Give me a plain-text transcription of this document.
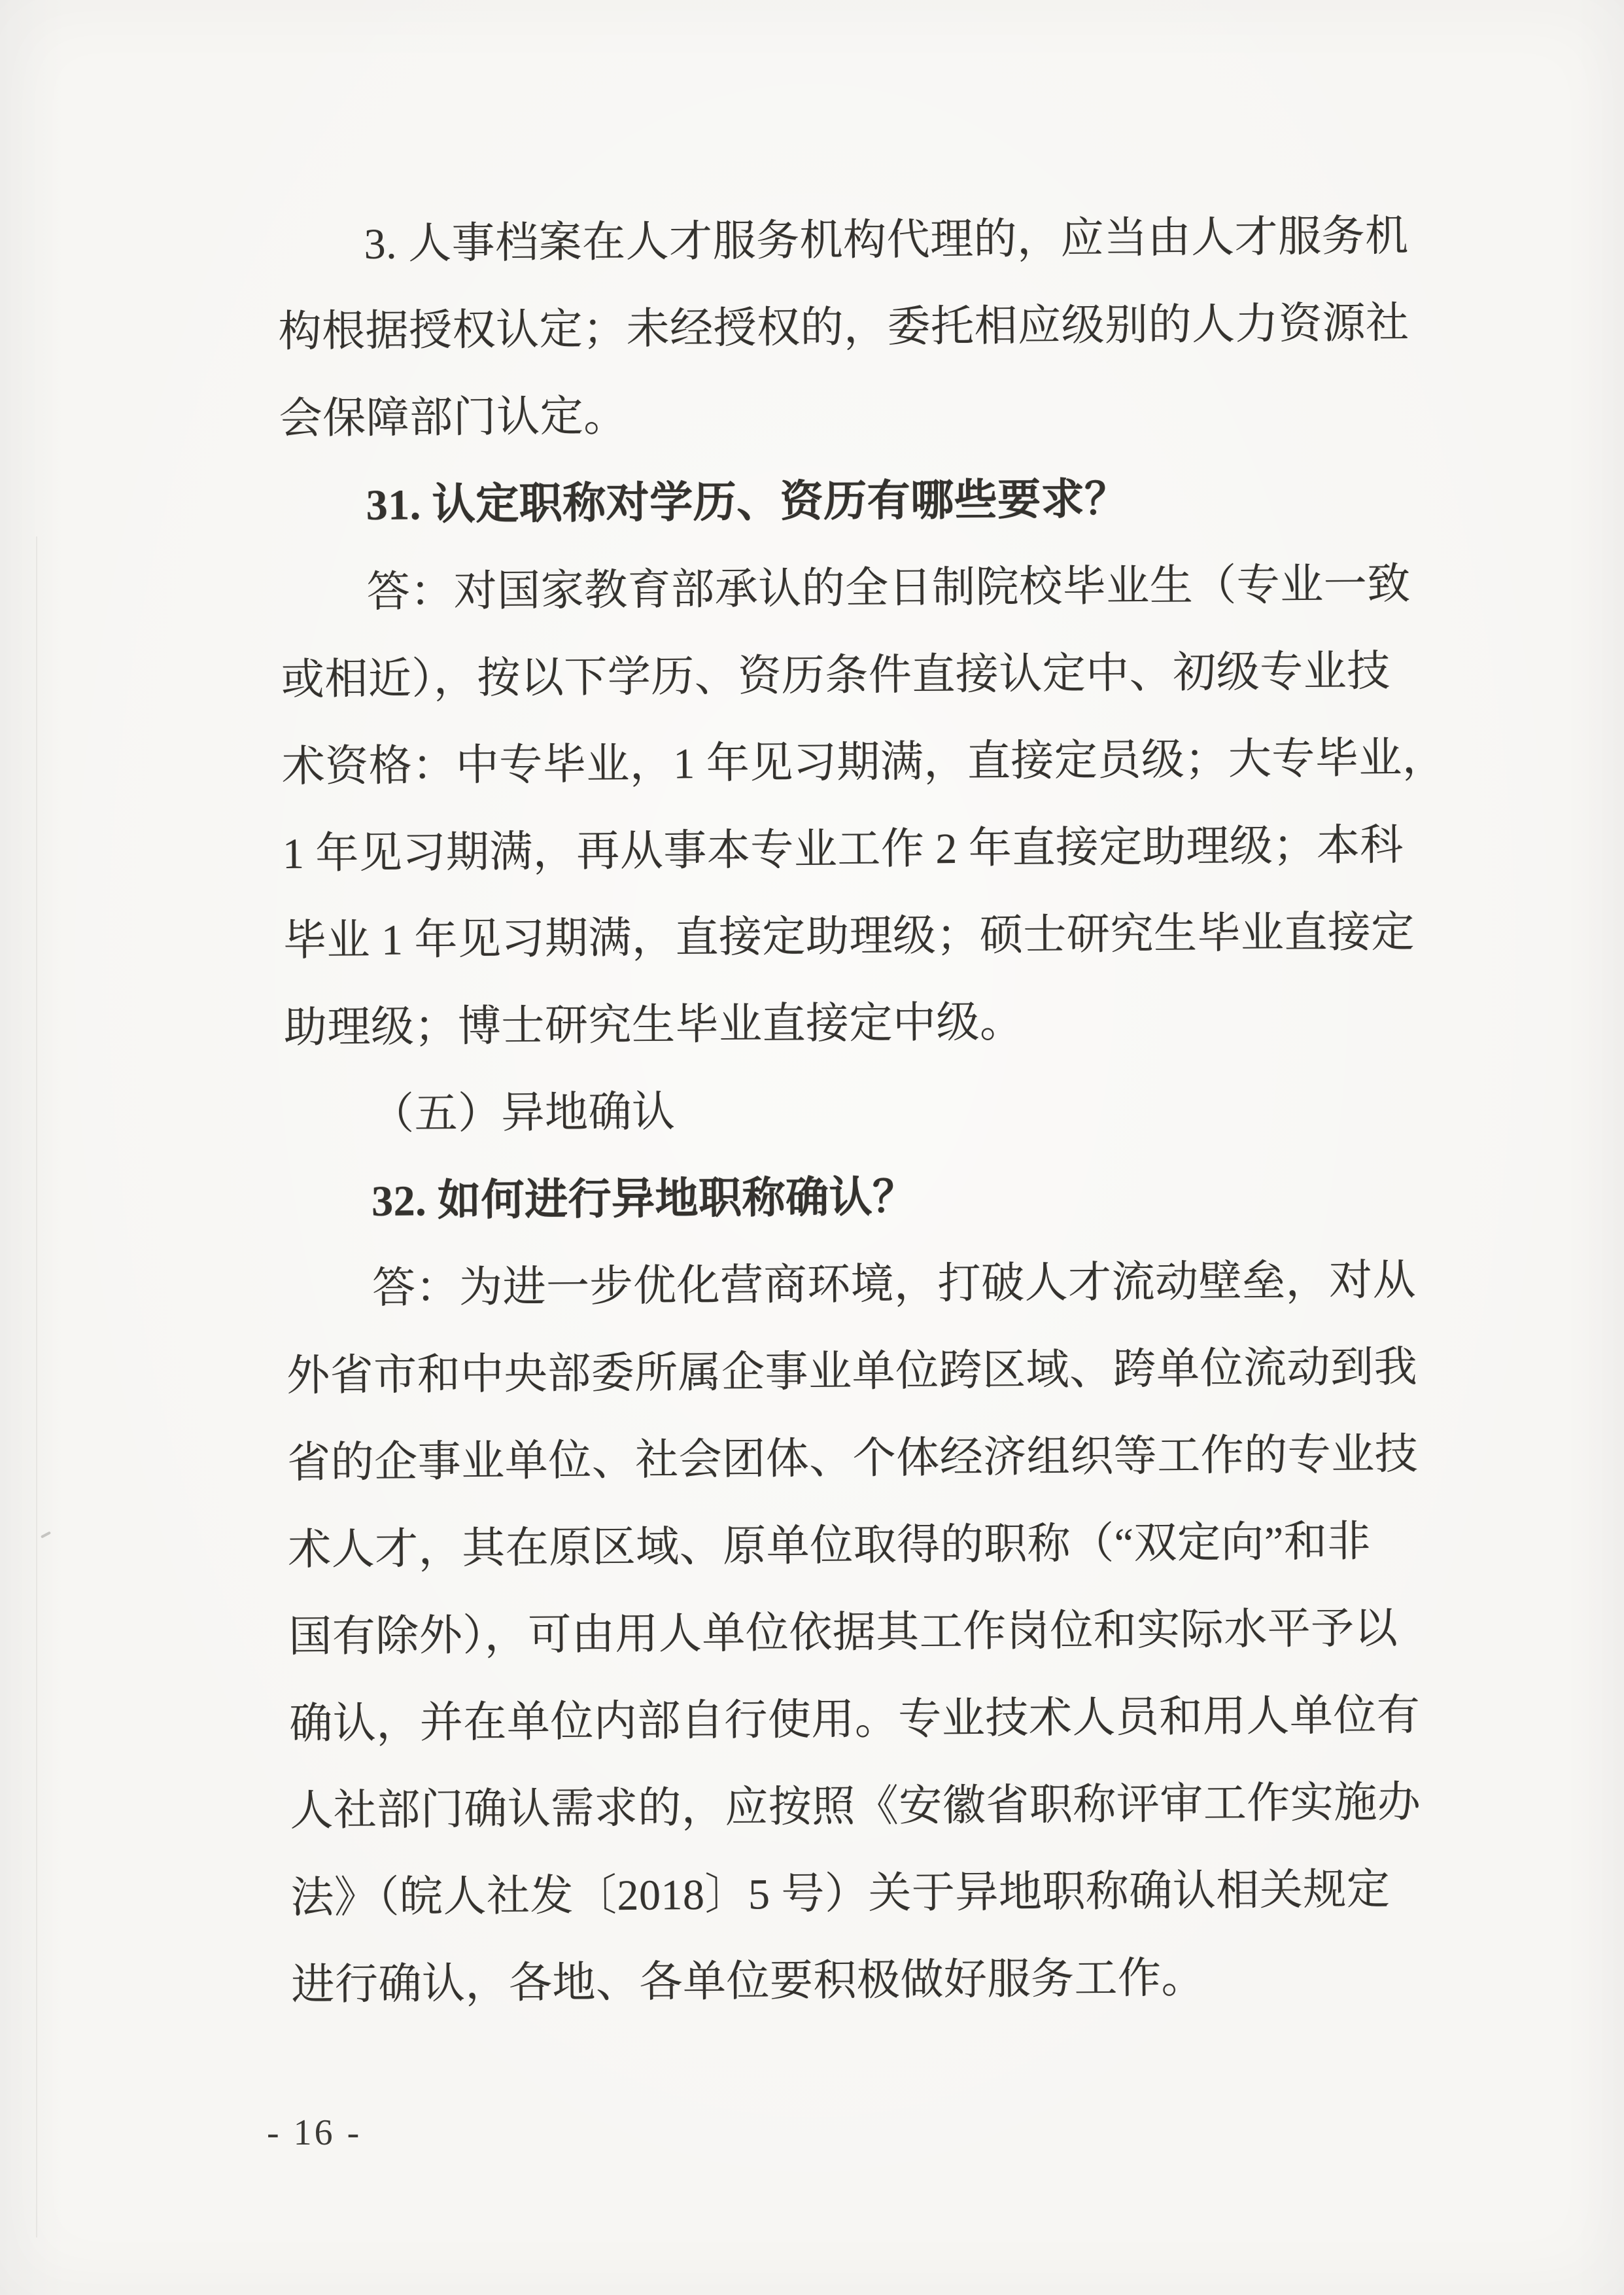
3. 人事档案在人才服务机构代理的，应当由人才服务机
构根据授权认定；未经授权的，委托相应级别的人力资源社
会保障部门认定。
31. 认定职称对学历、资历有哪些要求？
答：对国家教育部承认的全日制院校毕业生（专业一致
或相近），按以下学历、资历条件直接认定中、初级专业技
术资格：中专毕业，1 年见习期满，直接定员级；大专毕业，
1 年见习期满，再从事本专业工作 2 年直接定助理级；本科
毕业 1 年见习期满，直接定助理级；硕士研究生毕业直接定
助理级；博士研究生毕业直接定中级。
（五）异地确认
32. 如何进行异地职称确认？
答：为进一步优化营商环境，打破人才流动壁垒，对从
外省市和中央部委所属企事业单位跨区域、跨单位流动到我
省的企事业单位、社会团体、个体经济组织等工作的专业技
术人才，其在原区域、原单位取得的职称（“双定向”和非
国有除外），可由用人单位依据其工作岗位和实际水平予以
确认，并在单位内部自行使用。专业技术人员和用人单位有
人社部门确认需求的，应按照《安徽省职称评审工作实施办
法》（皖人社发〔2018〕5 号）关于异地职称确认相关规定
进行确认，各地、各单位要积极做好服务工作。
- 16 -
